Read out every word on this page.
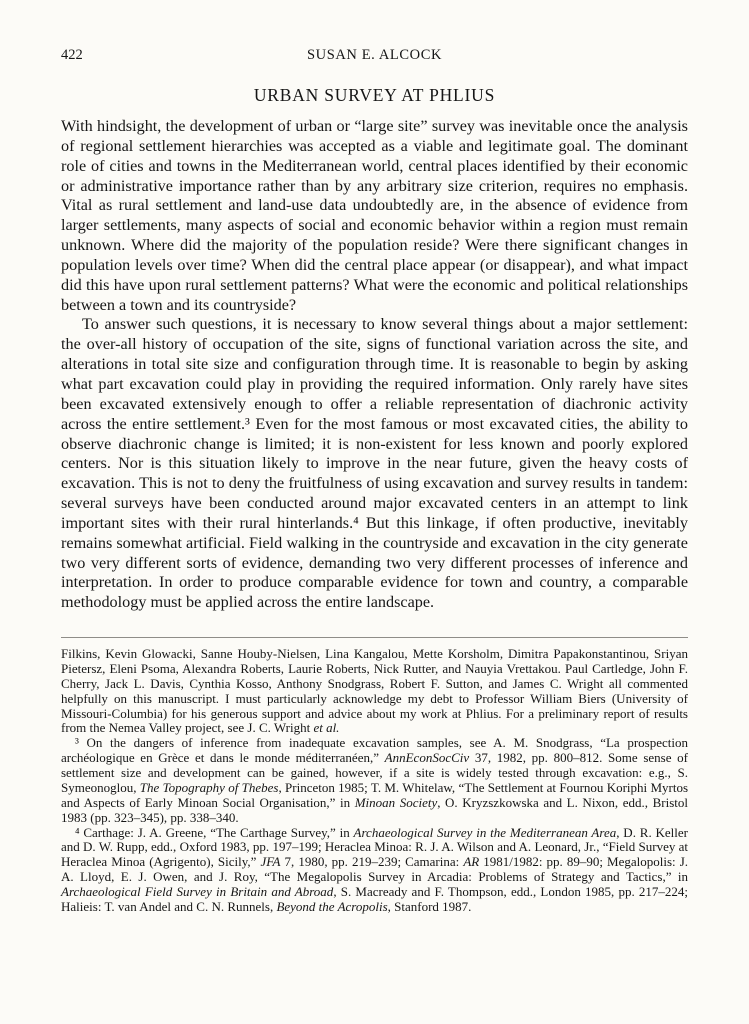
422	SUSAN E. ALCOCK
URBAN SURVEY AT PHLIUS

With hindsight, the development of urban or “large site” survey was inevitable once the analysis of regional settlement hierarchies was accepted as a viable and legitimate goal. The dominant role of cities and towns in the Mediterranean world, central places identified by their economic or administrative importance rather than by any arbitrary size criterion, requires no emphasis. Vital as rural settlement and land-use data undoubtedly are, in the absence of evidence from larger settlements, many aspects of social and economic behavior within a region must remain unknown. Where did the majority of the population reside? Were there significant changes in population levels over time? When did the central place appear (or disappear), and what impact did this have upon rural settlement patterns? What were the economic and political relationships between a town and its countryside?

To answer such questions, it is necessary to know several things about a major settlement: the over-all history of occupation of the site, signs of functional variation across the site, and alterations in total site size and configuration through time. It is reasonable to begin by asking what part excavation could play in providing the required information. Only rarely have sites been excavated extensively enough to offer a reliable representation of diachronic activity across the entire settlement.³ Even for the most famous or most excavated cities, the ability to observe diachronic change is limited; it is non-existent for less known and poorly explored centers. Nor is this situation likely to improve in the near future, given the heavy costs of excavation. This is not to deny the fruitfulness of using excavation and survey results in tandem: several surveys have been conducted around major excavated centers in an attempt to link important sites with their rural hinterlands.⁴ But this linkage, if often productive, inevitably remains somewhat artificial. Field walking in the countryside and excavation in the city generate two very different sorts of evidence, demanding two very different processes of inference and interpretation. In order to produce comparable evidence for town and country, a comparable methodology must be applied across the entire landscape.

Filkins, Kevin Glowacki, Sanne Houby-Nielsen, Lina Kangalou, Mette Korsholm, Dimitra Papakonstantinou, Sriyan Pietersz, Eleni Psoma, Alexandra Roberts, Laurie Roberts, Nick Rutter, and Nauyia Vrettakou. Paul Cartledge, John F. Cherry, Jack L. Davis, Cynthia Kosso, Anthony Snodgrass, Robert F. Sutton, and James C. Wright all commented helpfully on this manuscript. I must particularly acknowledge my debt to Professor William Biers (University of Missouri-Columbia) for his generous support and advice about my work at Phlius. For a preliminary report of results from the Nemea Valley project, see J. C. Wright et al.

³ On the dangers of inference from inadequate excavation samples, see A. M. Snodgrass, “La prospection archéologique en Grèce et dans le monde méditerranéen,” AnnEconSocCiv 37, 1982, pp. 800–812. Some sense of settlement size and development can be gained, however, if a site is widely tested through excavation: e.g., S. Symeonoglou, The Topography of Thebes, Princeton 1985; T. M. Whitelaw, “The Settlement at Fournou Koriphi Myrtos and Aspects of Early Minoan Social Organisation,” in Minoan Society, O. Kryzszkowska and L. Nixon, edd., Bristol 1983 (pp. 323–345), pp. 338–340.

⁴ Carthage: J. A. Greene, “The Carthage Survey,” in Archaeological Survey in the Mediterranean Area, D. R. Keller and D. W. Rupp, edd., Oxford 1983, pp. 197–199; Heraclea Minoa: R. J. A. Wilson and A. Leonard, Jr., “Field Survey at Heraclea Minoa (Agrigento), Sicily,” JFA 7, 1980, pp. 219–239; Camarina: AR 1981/1982: pp. 89–90; Megalopolis: J. A. Lloyd, E. J. Owen, and J. Roy, “The Megalopolis Survey in Arcadia: Problems of Strategy and Tactics,” in Archaeological Field Survey in Britain and Abroad, S. Macready and F. Thompson, edd., London 1985, pp. 217–224; Halieis: T. van Andel and C. N. Runnels, Beyond the Acropolis, Stanford 1987.
